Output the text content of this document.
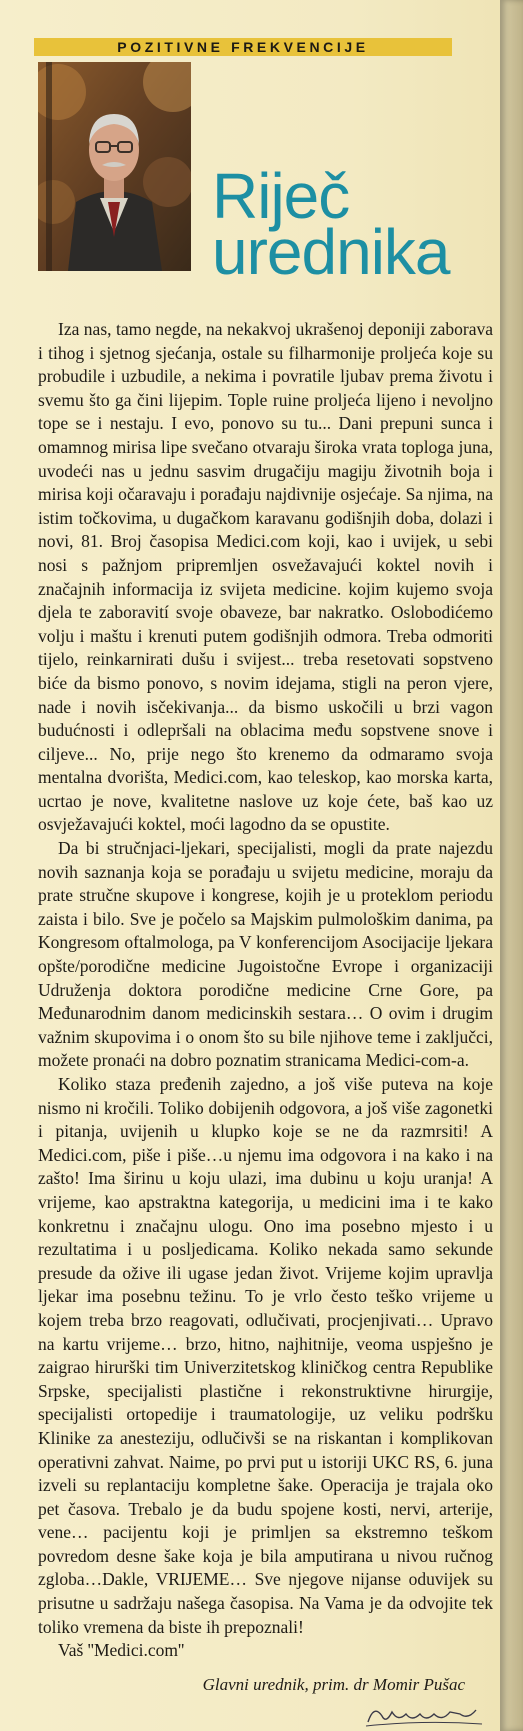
POZITIVNE FREKVENCIJE
Riječ
urednika

Iza nas, tamo negde, na nekakvoj ukrašenoj deponiji zaborava i tihog i sjetnog sjećanja, ostale su filharmonije proljeća koje su probudile i uzbudile, a nekima i povratile ljubav prema životu i svemu što ga čini lijepim. Tople ruine proljeća lijeno i nevoljno tope se i nestaju. I evo, ponovo su tu... Dani prepuni sunca i omamnog mirisa lipe svečano otvaraju široka vrata toploga juna, uvodeći nas u jednu sasvim drugačiju magiju životnih boja i mirisa koji očaravaju i porađaju najdivnije osjećaje. Sa njima, na istim točkovima, u dugačkom karavanu godišnjih doba, dolazi i novi, 81. Broj časopisa Medici.com koji, kao i uvijek, u sebi nosi s pažnjom pripremljen osvežavajući koktel novih i značajnih informacija iz svijeta medicine. kojim kujemo svoja djela te zaboravití svoje obaveze, bar nakratko. Oslobodićemo volju i maštu i krenuti putem godišnjih odmora. Treba odmoriti tijelo, reinkarnirati dušu i svijest... treba resetovati sopstveno biće da bismo ponovo, s novim idejama, stigli na peron vjere, nade i novih isčekivanja... da bismo uskočili u brzi vagon budućnosti i odlepršali na oblacima među sopstvene snove i ciljeve... No, prije nego što krenemo da odmaramo svoja mentalna dvorišta, Medici.com, kao teleskop, kao morska karta, ucrtao je nove, kvalitetne naslove uz koje ćete, baš kao uz osvježavajući koktel, moći lagodno da se opustite.

Da bi stručnjaci-ljekari, specijalisti, mogli da prate najezdu novih saznanja koja se porađaju u svijetu medicine, moraju da prate stručne skupove i kongrese, kojih je u proteklom periodu zaista i bilo. Sve je počelo sa Majskim pulmološkim danima, pa Kongresom oftalmologa, pa V konferencijom Asocijacije ljekara opšte/porodične medicine Jugoistočne Evrope i organizaciji Udruženja doktora porodične medicine Crne Gore, pa Međunarodnim danom medicinskih sestara… O ovim i drugim važnim skupovima i o onom što su bile njihove teme i zaključci, možete pronaći na dobro poznatim stranicama Medici-com-a.

Koliko staza pređenih zajedno, a još više puteva na koje nismo ni kročili. Toliko dobijenih odgovora, a još više zagonetki i pitanja, uvijenih u klupko koje se ne da razmrsiti! A Medici.com, piše i piše…u njemu ima odgovora i na kako i na zašto! Ima širinu u koju ulazi, ima dubinu u koju uranja! A vrijeme, kao apstraktna kategorija, u medicini ima i te kako konkretnu i značajnu ulogu. Ono ima posebno mjesto i u rezultatima i u posljedicama. Koliko nekada samo sekunde presude da ožive ili ugase jedan život. Vrijeme kojim upravlja ljekar ima posebnu težinu. To je vrlo često teško vrijeme u kojem treba brzo reagovati, odlučivati, procjenjivati… Upravo na kartu vrijeme… brzo, hitno, najhitnije, veoma uspješno je zaigrao hirurški tim Univerzitetskog kliničkog centra Republike Srpske, specijalisti plastične i rekonstruktivne hirurgije, specijalisti ortopedije i traumatologije, uz veliku podršku Klinike za anesteziju, odlučivši se na riskantan i komplikovan operativni zahvat. Naime, po prvi put u istoriji UKC RS, 6. juna izveli su replantaciju kompletne šake. Operacija je trajala oko pet časova. Trebalo je da budu spojene kosti, nervi, arterije, vene… pacijentu koji je primljen sa ekstremno teškom povredom desne šake koja je bila amputirana u nivou ručnog zgloba…Dakle, VRIJEME… Sve njegove nijanse oduvijek su prisutne u sadržaju našega časopisa. Na Vama je da odvojite tek toliko vremena da biste ih prepoznali!

Vaš ''Medici.com''
Glavni urednik, prim. dr Momir Pušac
